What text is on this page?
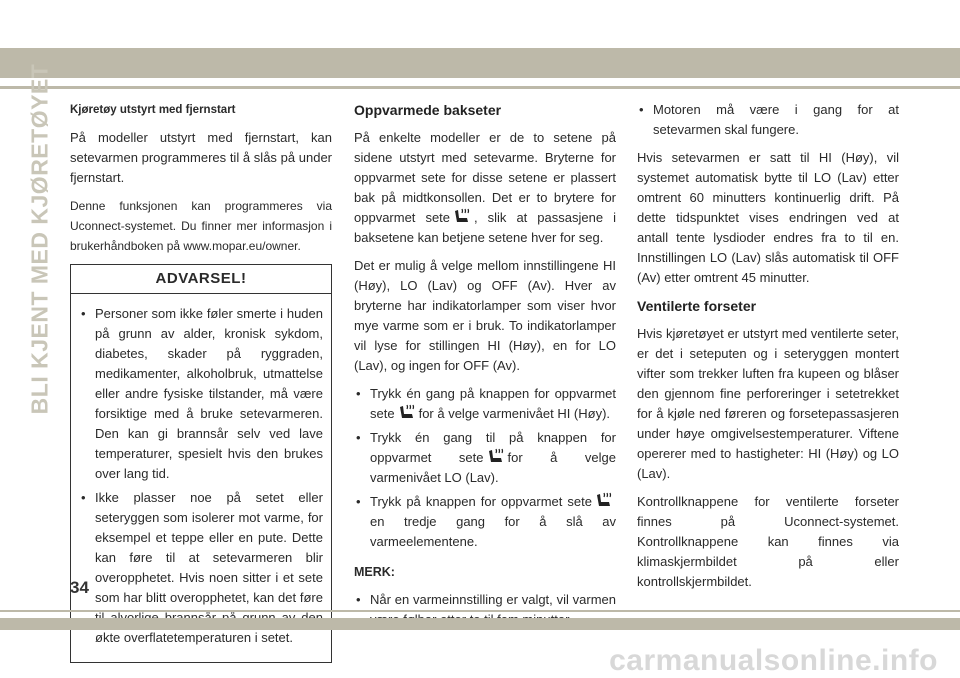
BLI KJENT MED KJØRETØYET Kjøretøy utstyrt med fjernstart

På modeller utstyrt med fjernstart, kan setevarmen programmeres til å slås på under fjernstart.

Denne funksjonen kan programmeres via Uconnect-systemet. Du finner mer informasjon i brukerhåndboken på www.mopar.eu/owner.

ADVARSEL!
• Personer som ikke føler smerte i huden på grunn av alder, kronisk sykdom, diabetes, skader på ryggraden, medikamenter, alkoholbruk, utmattelse eller andre fysiske tilstander, må være forsiktige med å bruke setevarmeren. Den kan gi brannsår selv ved lave temperaturer, spesielt hvis den brukes over lang tid.
• Ikke plasser noe på setet eller seteryggen som isolerer mot varme, for eksempel et teppe eller en pute. Dette kan føre til at setevarmeren blir overopphetet. Hvis noen sitter i et sete som har blitt overopphetet, kan det føre økte overflatetemperaturen i setet.
Oppvarmede bakseter

På enkelte modeller er de to setene på sidene utstyrt med setevarme. Bryterne for oppvarmet sete for disse setene er plassert bak på midtkonsollen. Det er to brytere for oppvarmet sete , slik at passasjene i baksetene kan betjene setene hver for seg.

Det er mulig å velge mellom innstillingene HI (Høy), LO (Lav) og OFF (Av). Hver av bryterne har indikatorlamper som viser hvor mye varme som er i bruk. To indikatorlamper vil lyse for stillingen HI (Høy), en for LO (Lav), og ingen for OFF (Av).

• Trykk én gang på knappen for oppvarmet sete for å velge varmenivået HI (Høy).
• Trykk én gang til på knappen for oppvarmet sete for å velge varmenivået LO (Lav).
• Trykk på knappen for oppvarmet seteen tredje gang for å slå av varmeelementene.
MERK:
• Når en varmeinnstilling er valgt, vil varmen
• Motoren må være i gang for at setevarmen skal fungere.

Hvis setevarmen er satt til HI (Høy), vil systemet automatisk bytte til LO (Lav) etter omtrent 60 minutters kontinuerlig drift. På dette tidspunktet vises endringen ved at antall tente lysdioder endres fra to til en. Innstillingen LO (Lav) slås automatisk til OFF (Av) etter omtrent 45 minutter.

Ventilerte forseter

Hvis kjøretøyet er utstyrt med ventilerte seter, er det i seteputen og i seteryggen montert vifter som trekker luften fra kupeen og blåser den gjennom fine perforeringer i setetrekket for å kjøle ned føreren og forsetepassasjeren under høye omgivelsestemperaturer. Viftene opererer med to hastigheter: HI (Høy) og LO (Lav).

Kontrollknappene for ventilerte forseter finnes på Uconnect-systemet. Kontrollknappene kan finnes via klimaskjermbildet på eller kontrollskjermbildet.

34
carmanualsonline.info
